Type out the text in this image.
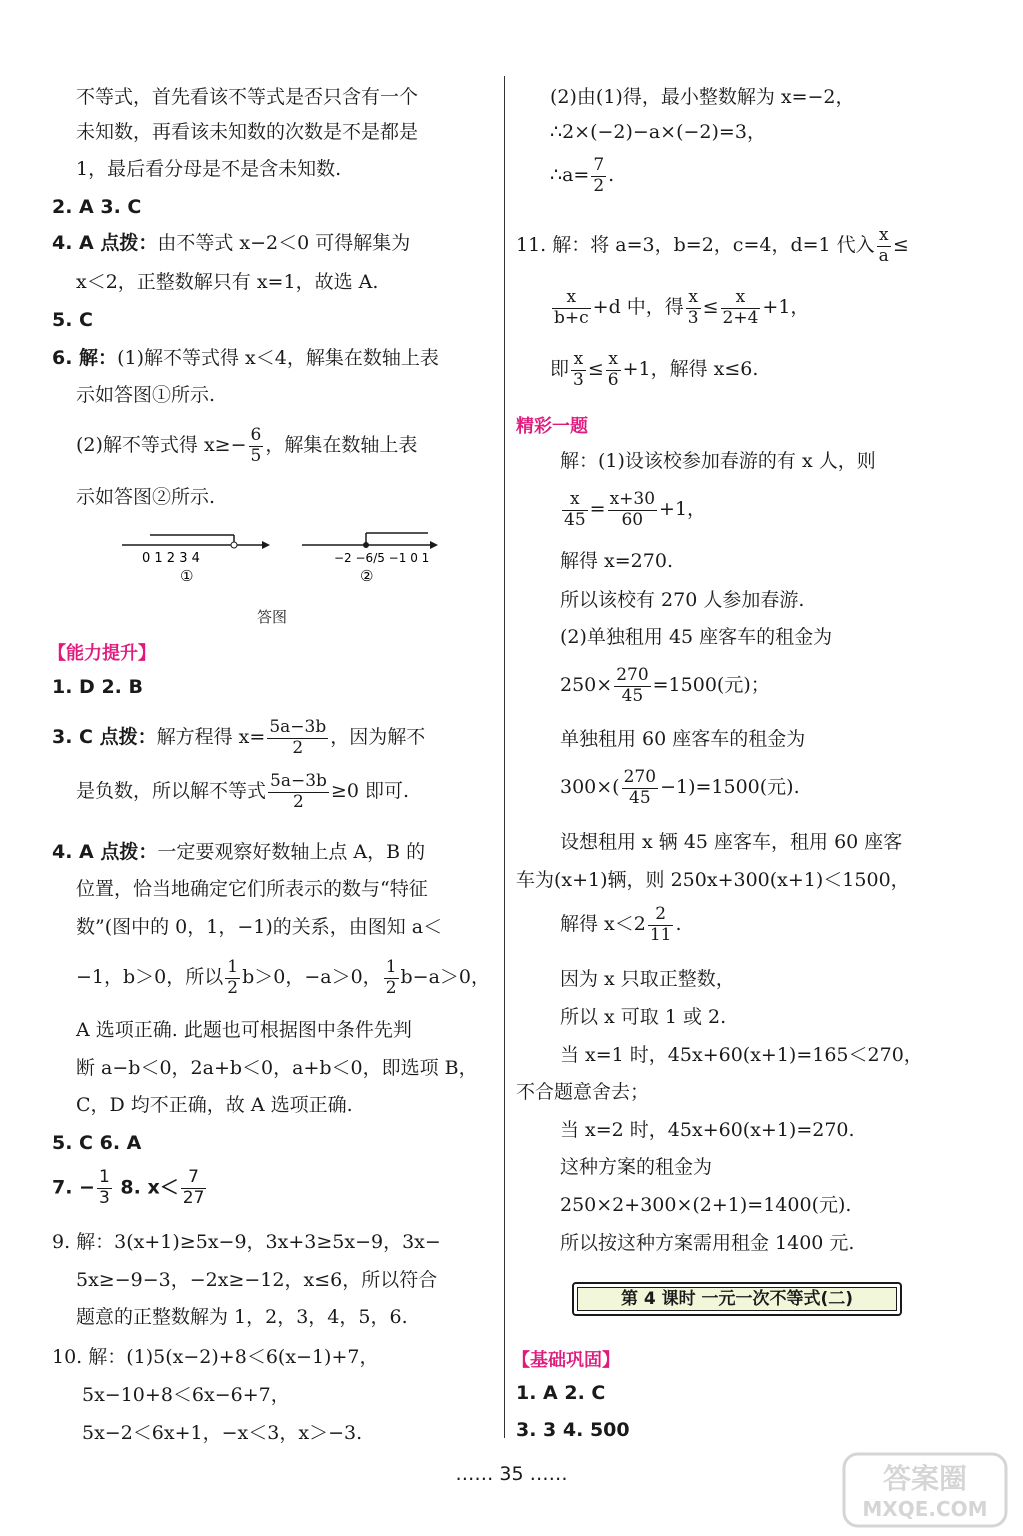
不等式，首先看该不等式是否只含有一个
未知数，再看该未知数的次数是不是都是
1，最后看分母是不是含未知数.
2. A 3. C
4. A 点拨：由不等式 x−2＜0 可得解集为
x＜2，正整数解只有 x=1，故选 A.
5. C
6. 解：(1)解不等式得 x＜4，解集在数轴上表
示如答图①所示.
(2)解不等式得 $x\ge- \frac{6}{5}$ ，解集在数轴上表
示如答图②所示.
0 1 2 3 4
①
−2 −6/5 −1 0 1
②
答图
【能力提升】
1. D 2. B
3. C 点拨：解方程得 $x= \frac{5a-3b}{2}$ ，因为解不
是负数，所以解不等式 $\frac{5a-3b}{2} \ge 0$ 即可.
4. A 点拨：一定要观察好数轴上点 A，B 的
位置，恰当地确定它们所表示的数与“特征
数”(图中的 0，1，−1)的关系，由图知 a＜
−1，b＞0，所以 $\frac{1}{2} b>0$，−a＞0， $\frac{1}{2} b-a>0$，
A 选项正确. 此题也可根据图中条件先判
断 a−b＜0，2a+b＜0，a+b＜0，即选项 B，
C，D 均不正确，故 A 选项正确.
5. C 6. A
7. − $\frac{1}{3} 8$. $x< \frac{7}{27}$
9. 解：3(x+1)≥5x−9，3x+3≥5x−9，3x−
5x≥−9−3，−2x≥−12，x≤6，所以符合
题意的正整数解为 1，2，3，4，5，6.
10. 解：(1)5(x−2)+8＜6(x−1)+7，
5x−10+8＜6x−6+7，
5x−2＜6x+1，−x＜3，x＞−3.
(2)由(1)得，最小整数解为 x=−2，
∴2×(−2)−a×(−2)=3，
∴a= $\frac{7}{2}$ .
11. 解：将 a=3，b=2，c=4，d=1 代入 $\frac{x}{a}$ ≤
$\frac{x}{b+c} +d$ 中，得 $\frac{x}{3} \le \frac{x}{2+4} +1$，
即 $\frac{x}{3} \le \frac{x}{6} +1$，解得 x≤6.
精彩一题
解：(1)设该校参加春游的有 x 人，则
$\frac{x}{45} = \frac{x+30}{60} +1$，
解得 x=270.
所以该校有 270 人参加春游.
(2)单独租用 45 座客车的租金为
$250\times \frac{270}{45} =1500$(元)；
单独租用 60 座客车的租金为
$300\times( \frac{270}{45} -1)=1500$(元).
设想租用 x 辆 45 座客车，租用 60 座客
车为(x+1)辆，则 250x+300(x+1)＜1500，
解得 $x<2 \frac{2}{11}$ .
因为 x 只取正整数，
所以 x 可取 1 或 2.
当 x=1 时，45x+60(x+1)=165＜270，
不合题意舍去；
当 x=2 时，45x+60(x+1)=270.
这种方案的租金为
250×2+300×(2+1)=1400(元).
所以按这种方案需用租金 1400 元.
第 4 课时 一元一次不等式(二)
【基础巩固】
1. A 2. C
3. 3 4. 500
…… 35 ……	答案圈
MXQE.COM
